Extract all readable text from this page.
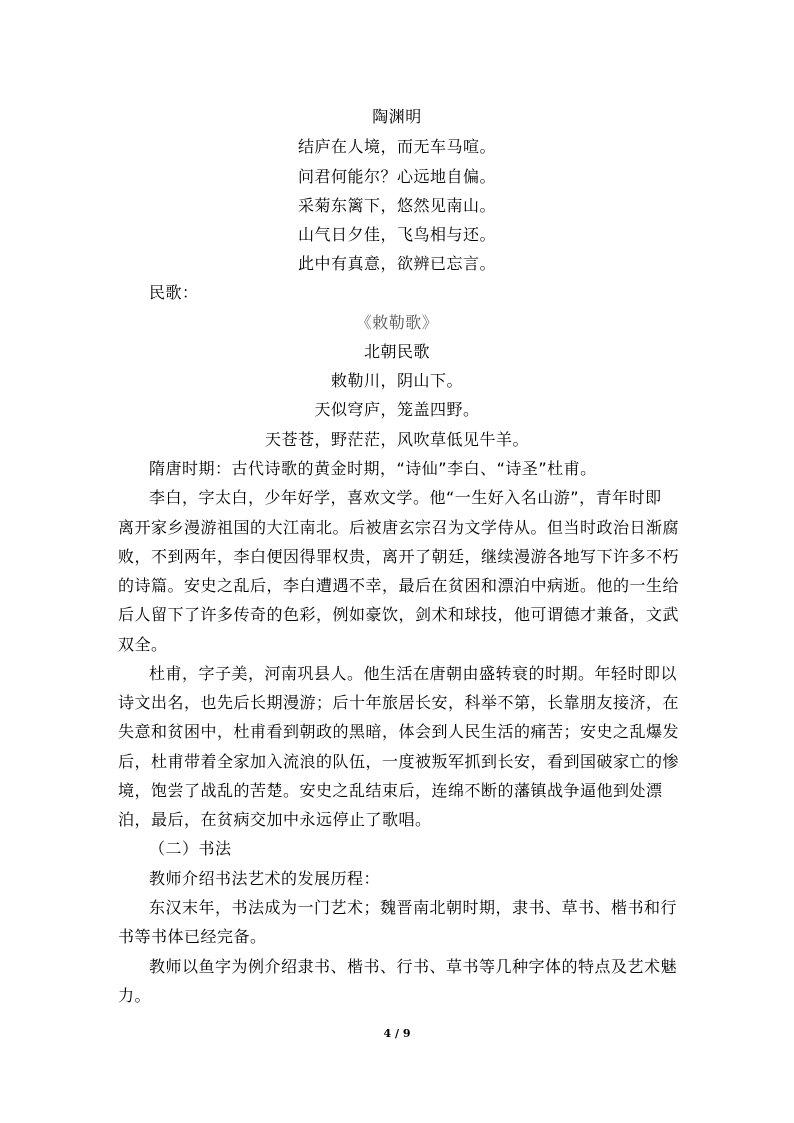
陶渊明
结庐在人境，而无车马喧。
问君何能尔？心远地自偏。
采菊东篱下，悠然见南山。
山气日夕佳，飞鸟相与还。
此中有真意，欲辨已忘言。
民歌：
《敕勒歌》
北朝民歌
敕勒川，阴山下。
天似穹庐，笼盖四野。
天苍苍，野茫茫，风吹草低见牛羊。
隋唐时期：古代诗歌的黄金时期，“诗仙”李白、“诗圣”杜甫。
李白，字太白，少年好学，喜欢文学。他“一生好入名山游”，青年时即
离开家乡漫游祖国的大江南北。后被唐玄宗召为文学侍从。但当时政治日渐腐
败，不到两年，李白便因得罪权贵，离开了朝廷，继续漫游各地写下许多不朽
的诗篇。安史之乱后，李白遭遇不幸，最后在贫困和漂泊中病逝。他的一生给
后人留下了许多传奇的色彩，例如豪饮，剑术和球技，他可谓德才兼备，文武
双全。
杜甫，字子美，河南巩县人。他生活在唐朝由盛转衰的时期。年轻时即以
诗文出名，也先后长期漫游；后十年旅居长安，科举不第，长靠朋友接济，在
失意和贫困中，杜甫看到朝政的黑暗，体会到人民生活的痛苦；安史之乱爆发
后，杜甫带着全家加入流浪的队伍，一度被叛军抓到长安，看到国破家亡的惨
境，饱尝了战乱的苦楚。安史之乱结束后，连绵不断的藩镇战争逼他到处漂
泊，最后，在贫病交加中永远停止了歌唱。
（二）书法
教师介绍书法艺术的发展历程：
东汉末年，书法成为一门艺术；魏晋南北朝时期，隶书、草书、楷书和行
书等书体已经完备。
教师以鱼字为例介绍隶书、楷书、行书、草书等几种字体的特点及艺术魅
力。
4 / 9
